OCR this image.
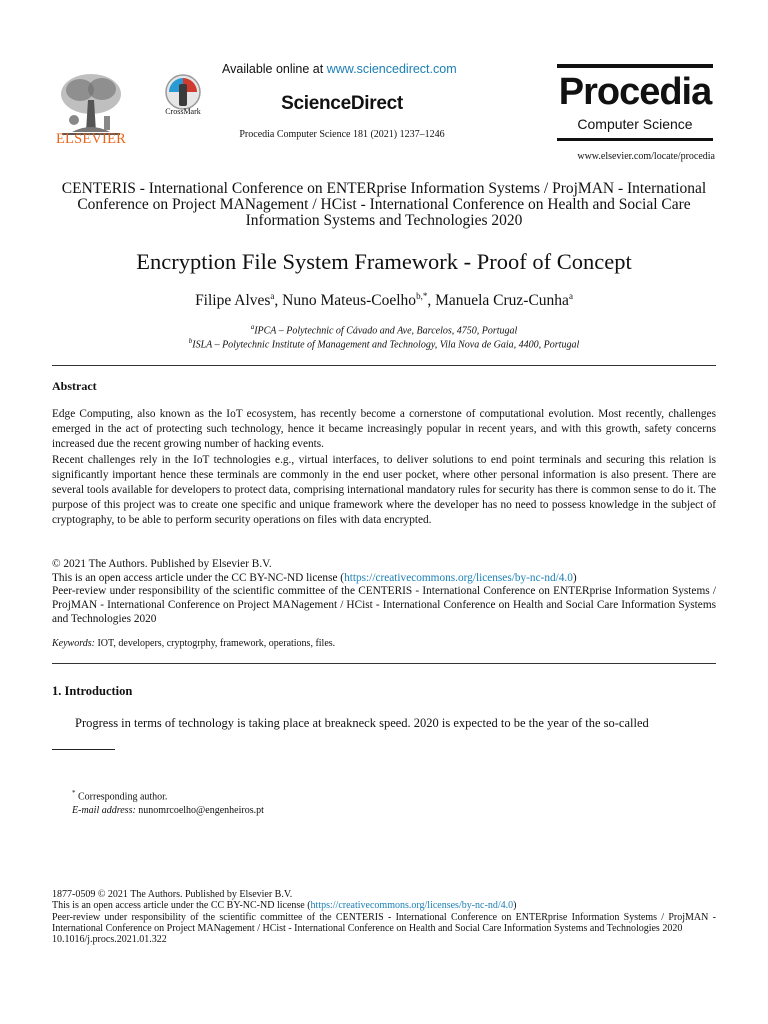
ELSEVIER
CrossMark
Available online at www.sciencedirect.com
ScienceDirect
Procedia Computer Science 181 (2021) 1237–1246
Procedia
Computer Science
www.elsevier.com/locate/procedia
CENTERIS - International Conference on ENTERprise Information Systems / ProjMAN - International Conference on Project MANagement / HCist - International Conference on Health and Social Care Information Systems and Technologies 2020
Encryption File System Framework - Proof of Concept
Filipe Alves$^a$, Nuno Mateus-Coelho$^{b,*}$, Manuela Cruz-Cunha$^a$
$^a$IPCA – Polytechnic of Cávado and Ave, Barcelos, 4750, Portugal
$^b$ISLA – Polytechnic Institute of Management and Technology, Vila Nova de Gaia, 4400, Portugal
Abstract

Edge Computing, also known as the IoT ecosystem, has recently become a cornerstone of computational evolution. Most recently, challenges emerged in the act of protecting such technology, hence it became increasingly popular in recent years, and with this growth, safety concerns increased due the recent growing number of hacking events.

Recent challenges rely in the IoT technologies e.g., virtual interfaces, to deliver solutions to end point terminals and securing this relation is significantly important hence these terminals are commonly in the end user pocket, where other personal information is also present. There are several tools available for developers to protect data, comprising international mandatory rules for security has there is common sense to do it. The purpose of this project was to create one specific and unique framework where the developer has no need to possess knowledge in the subject of cryptography, to be able to perform security operations on files with data encrypted.

© 2021 The Authors. Published by Elsevier B.V.

This is an open access article under the CC BY-NC-ND license (https://creativecommons.org/licenses/by-nc-nd/4.0)

Peer-review under responsibility of the scientific committee of the CENTERIS - International Conference on ENTERprise Information Systems / ProjMAN - International Conference on Project MANagement / HCist - International Conference on Health and Social Care Information Systems and Technologies 2020

Keywords: IOT, developers, cryptogrphy, framework, operations, files.
1. Introduction
Progress in terms of technology is taking place at breakneck speed. 2020 is expected to be the year of the so-called
* Corresponding author.
E-mail address: nunomrcoelho@engenheiros.pt

1877-0509 © 2021 The Authors. Published by Elsevier B.V.

This is an open access article under the CC BY-NC-ND license (https://creativecommons.org/licenses/by-nc-nd/4.0)

Peer-review under responsibility of the scientific committee of the CENTERIS - International Conference on ENTERprise Information Systems / ProjMAN - International Conference on Project MANagement / HCist - International Conference on Health and Social Care Information Systems and Technologies 2020

10.1016/j.procs.2021.01.322
